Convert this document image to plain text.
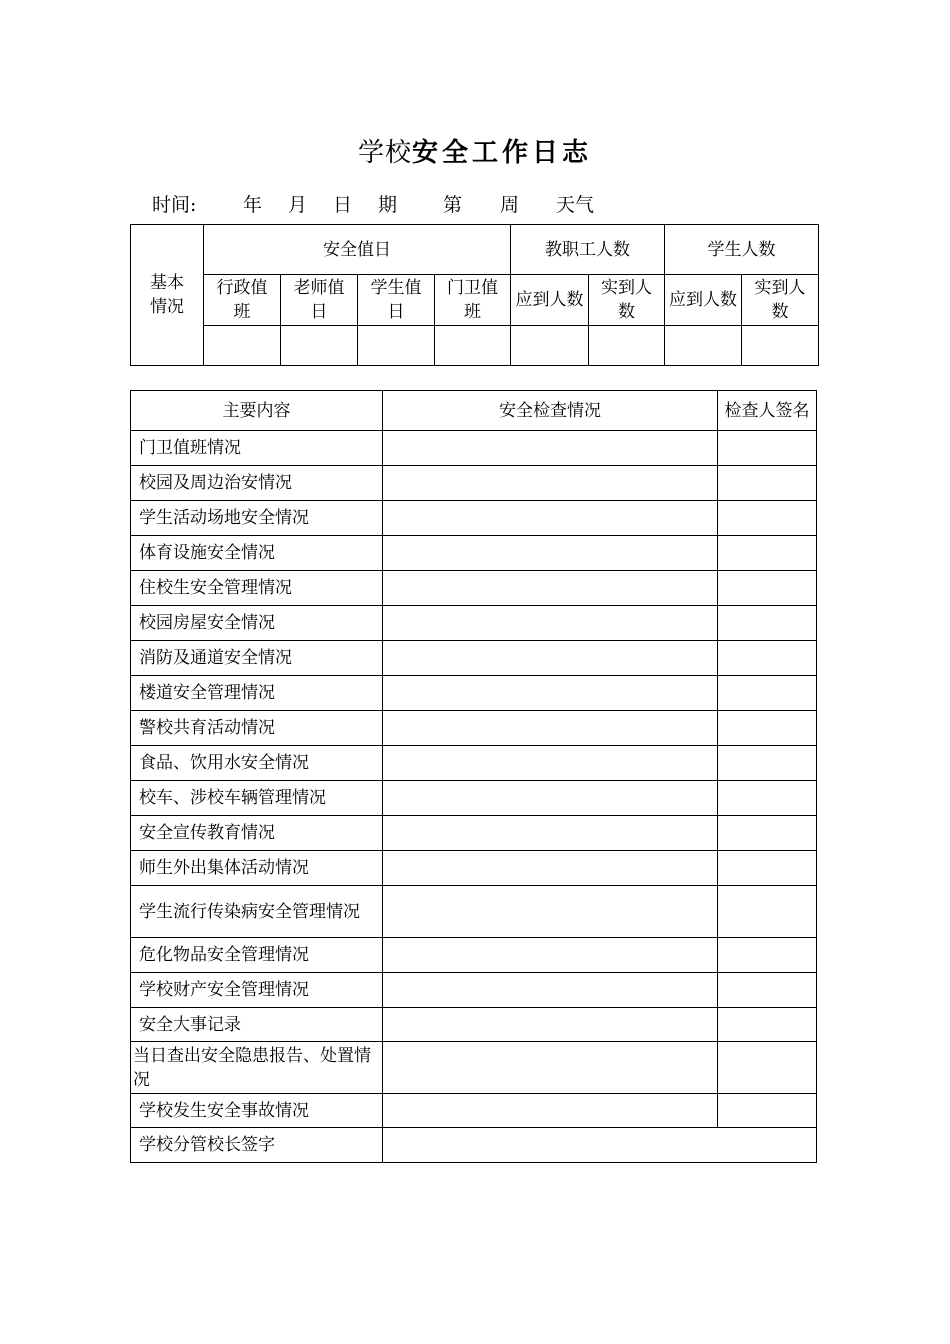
学校安全工作日志
时间: 年 月 日 期 第 周 天气
基本情况	安全值日				教职工人数		学生人数	

	行政值班	老师值日	学生值日	门卫值班	应到人数	实到人数	应到人数	实到人数

主要内容	安全检查情况	检查人签名
门卫值班情况		
校园及周边治安情况		
学生活动场地安全情况		
体育设施安全情况		
住校生安全管理情况		
校园房屋安全情况		
消防及通道安全情况		
楼道安全管理情况		
警校共育活动情况		
食品、饮用水安全情况		
校车、涉校车辆管理情况		
安全宣传教育情况		
师生外出集体活动情况		
学生流行传染病安全管理情况		
危化物品安全管理情况		
学校财产安全管理情况		
安全大事记录		
当日查出安全隐患报告、处置情况		
学校发生安全事故情况		
学校分管校长签字		
